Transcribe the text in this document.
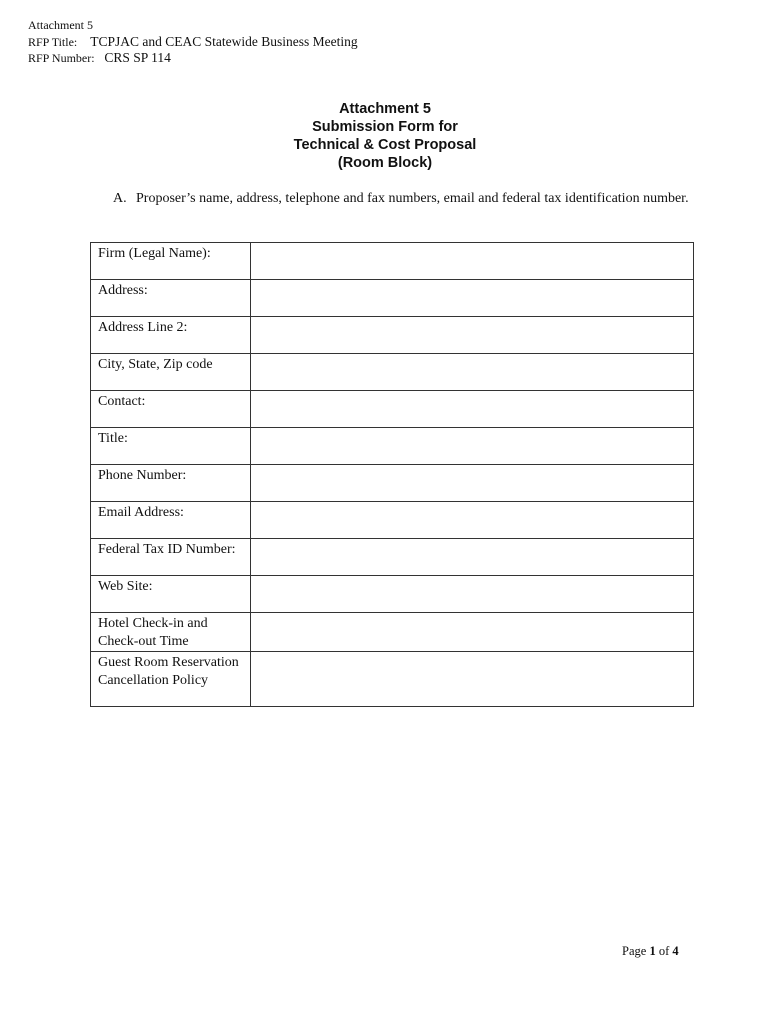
Attachment 5
RFP Title: TCPJAC and CEAC Statewide Business Meeting
RFP Number: CRS SP 114
Attachment 5
Submission Form for
Technical & Cost Proposal
(Room Block)
A. Proposer’s name, address, telephone and fax numbers, email and federal tax identification number.
Firm (Legal Name):	
Address:	
Address Line 2:	
City, State, Zip code	
Contact:	
Title:	
Phone Number:	
Email Address:	
Federal Tax ID Number:	
Web Site:	
Hotel Check-in and Check-out Time	
Guest Room Reservation Cancellation Policy	
Page 1 of 4
